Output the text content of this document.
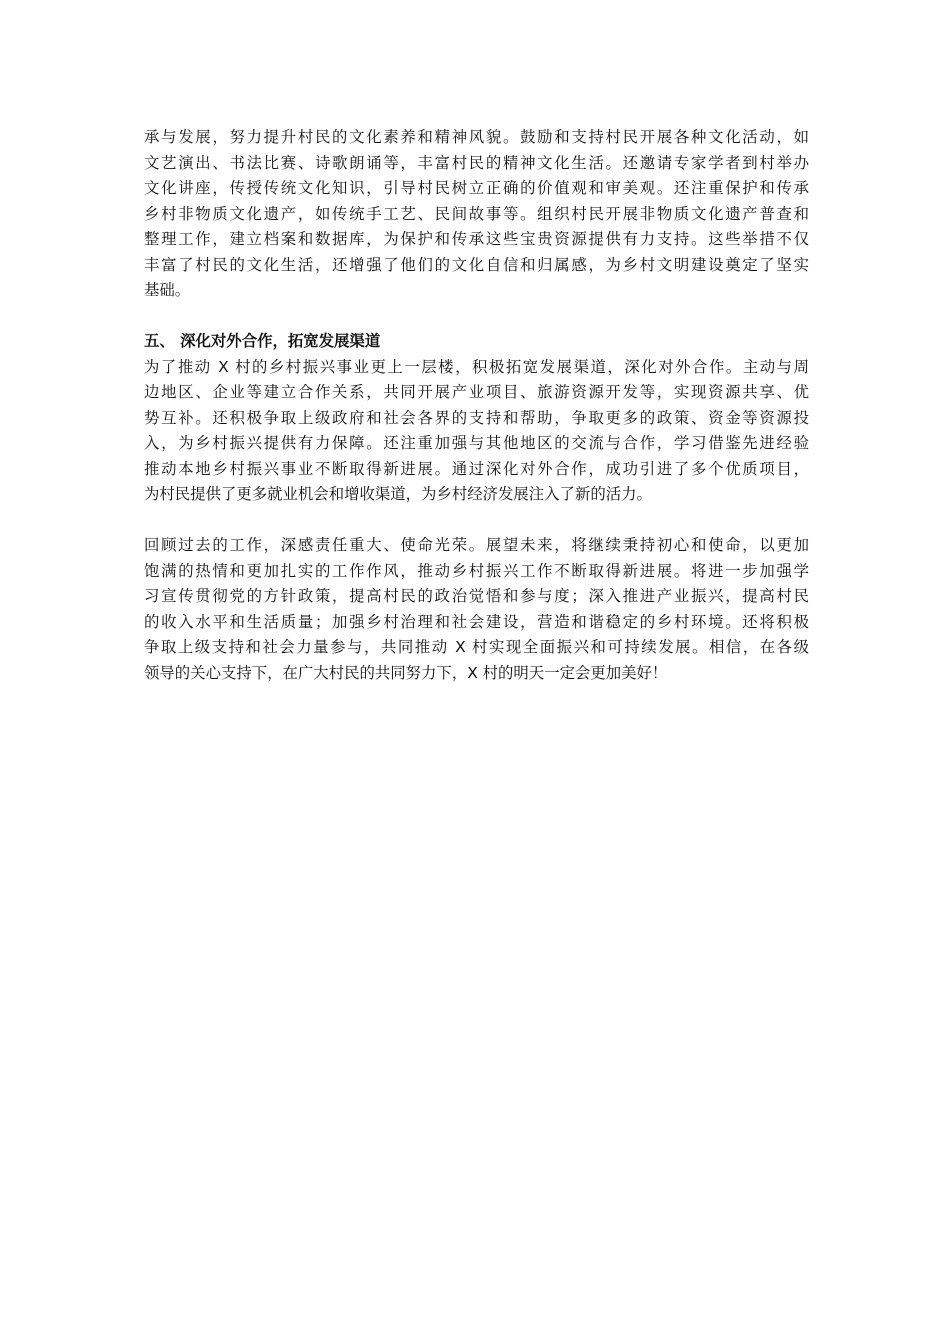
承与发展，努力提升村民的文化素养和精神风貌。鼓励和支持村民开展各种文化活动，如
文艺演出、书法比赛、诗歌朗诵等，丰富村民的精神文化生活。还邀请专家学者到村举办
文化讲座，传授传统文化知识，引导村民树立正确的价值观和审美观。还注重保护和传承
乡村非物质文化遗产，如传统手工艺、民间故事等。组织村民开展非物质文化遗产普查和
整理工作，建立档案和数据库，为保护和传承这些宝贵资源提供有力支持。这些举措不仅
丰富了村民的文化生活，还增强了他们的文化自信和归属感，为乡村文明建设奠定了坚实
基础。
五、 深化对外合作，拓宽发展渠道
为了推动 X 村的乡村振兴事业更上一层楼，积极拓宽发展渠道，深化对外合作。主动与周
边地区、企业等建立合作关系，共同开展产业项目、旅游资源开发等，实现资源共享、优
势互补。还积极争取上级政府和社会各界的支持和帮助，争取更多的政策、资金等资源投
入，为乡村振兴提供有力保障。还注重加强与其他地区的交流与合作，学习借鉴先进经验
推动本地乡村振兴事业不断取得新进展。通过深化对外合作，成功引进了多个优质项目，
为村民提供了更多就业机会和增收渠道，为乡村经济发展注入了新的活力。
回顾过去的工作，深感责任重大、使命光荣。展望未来，将继续秉持初心和使命，以更加
饱满的热情和更加扎实的工作作风，推动乡村振兴工作不断取得新进展。将进一步加强学
习宣传贯彻党的方针政策，提高村民的政治觉悟和参与度；深入推进产业振兴，提高村民
的收入水平和生活质量；加强乡村治理和社会建设，营造和谐稳定的乡村环境。还将积极
争取上级支持和社会力量参与，共同推动 X 村实现全面振兴和可持续发展。相信，在各级
领导的关心支持下，在广大村民的共同努力下，X 村的明天一定会更加美好！
